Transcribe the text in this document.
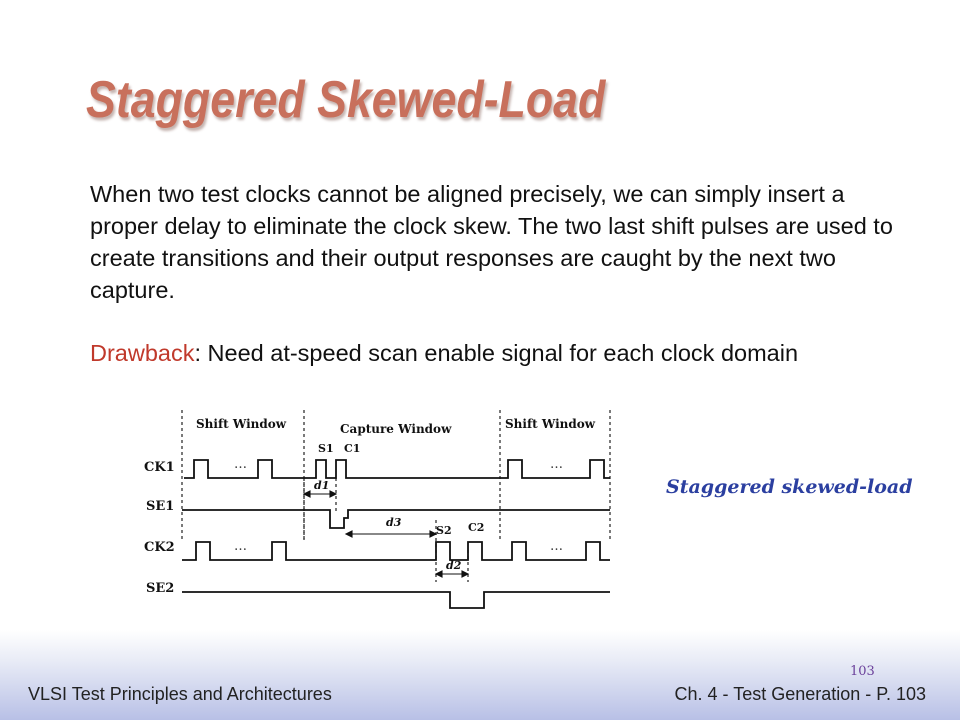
Staggered Skewed-Load
When two test clocks cannot be aligned precisely, we can simply insert a proper delay to eliminate the clock skew. The two last shift pulses are used to create transitions and their output responses are caught by the next two capture.
Drawback: Need at-speed scan enable signal for each clock domain
Shift Window	Capture Window	Shift Window
CK1
SE1
CK2
SE2
S1 C1
S2 C2
…	…
…	…
d1
d3
d2
Staggered skewed-load
103
VLSI Test Principles and Architectures	Ch. 4 - Test Generation - P. 103
